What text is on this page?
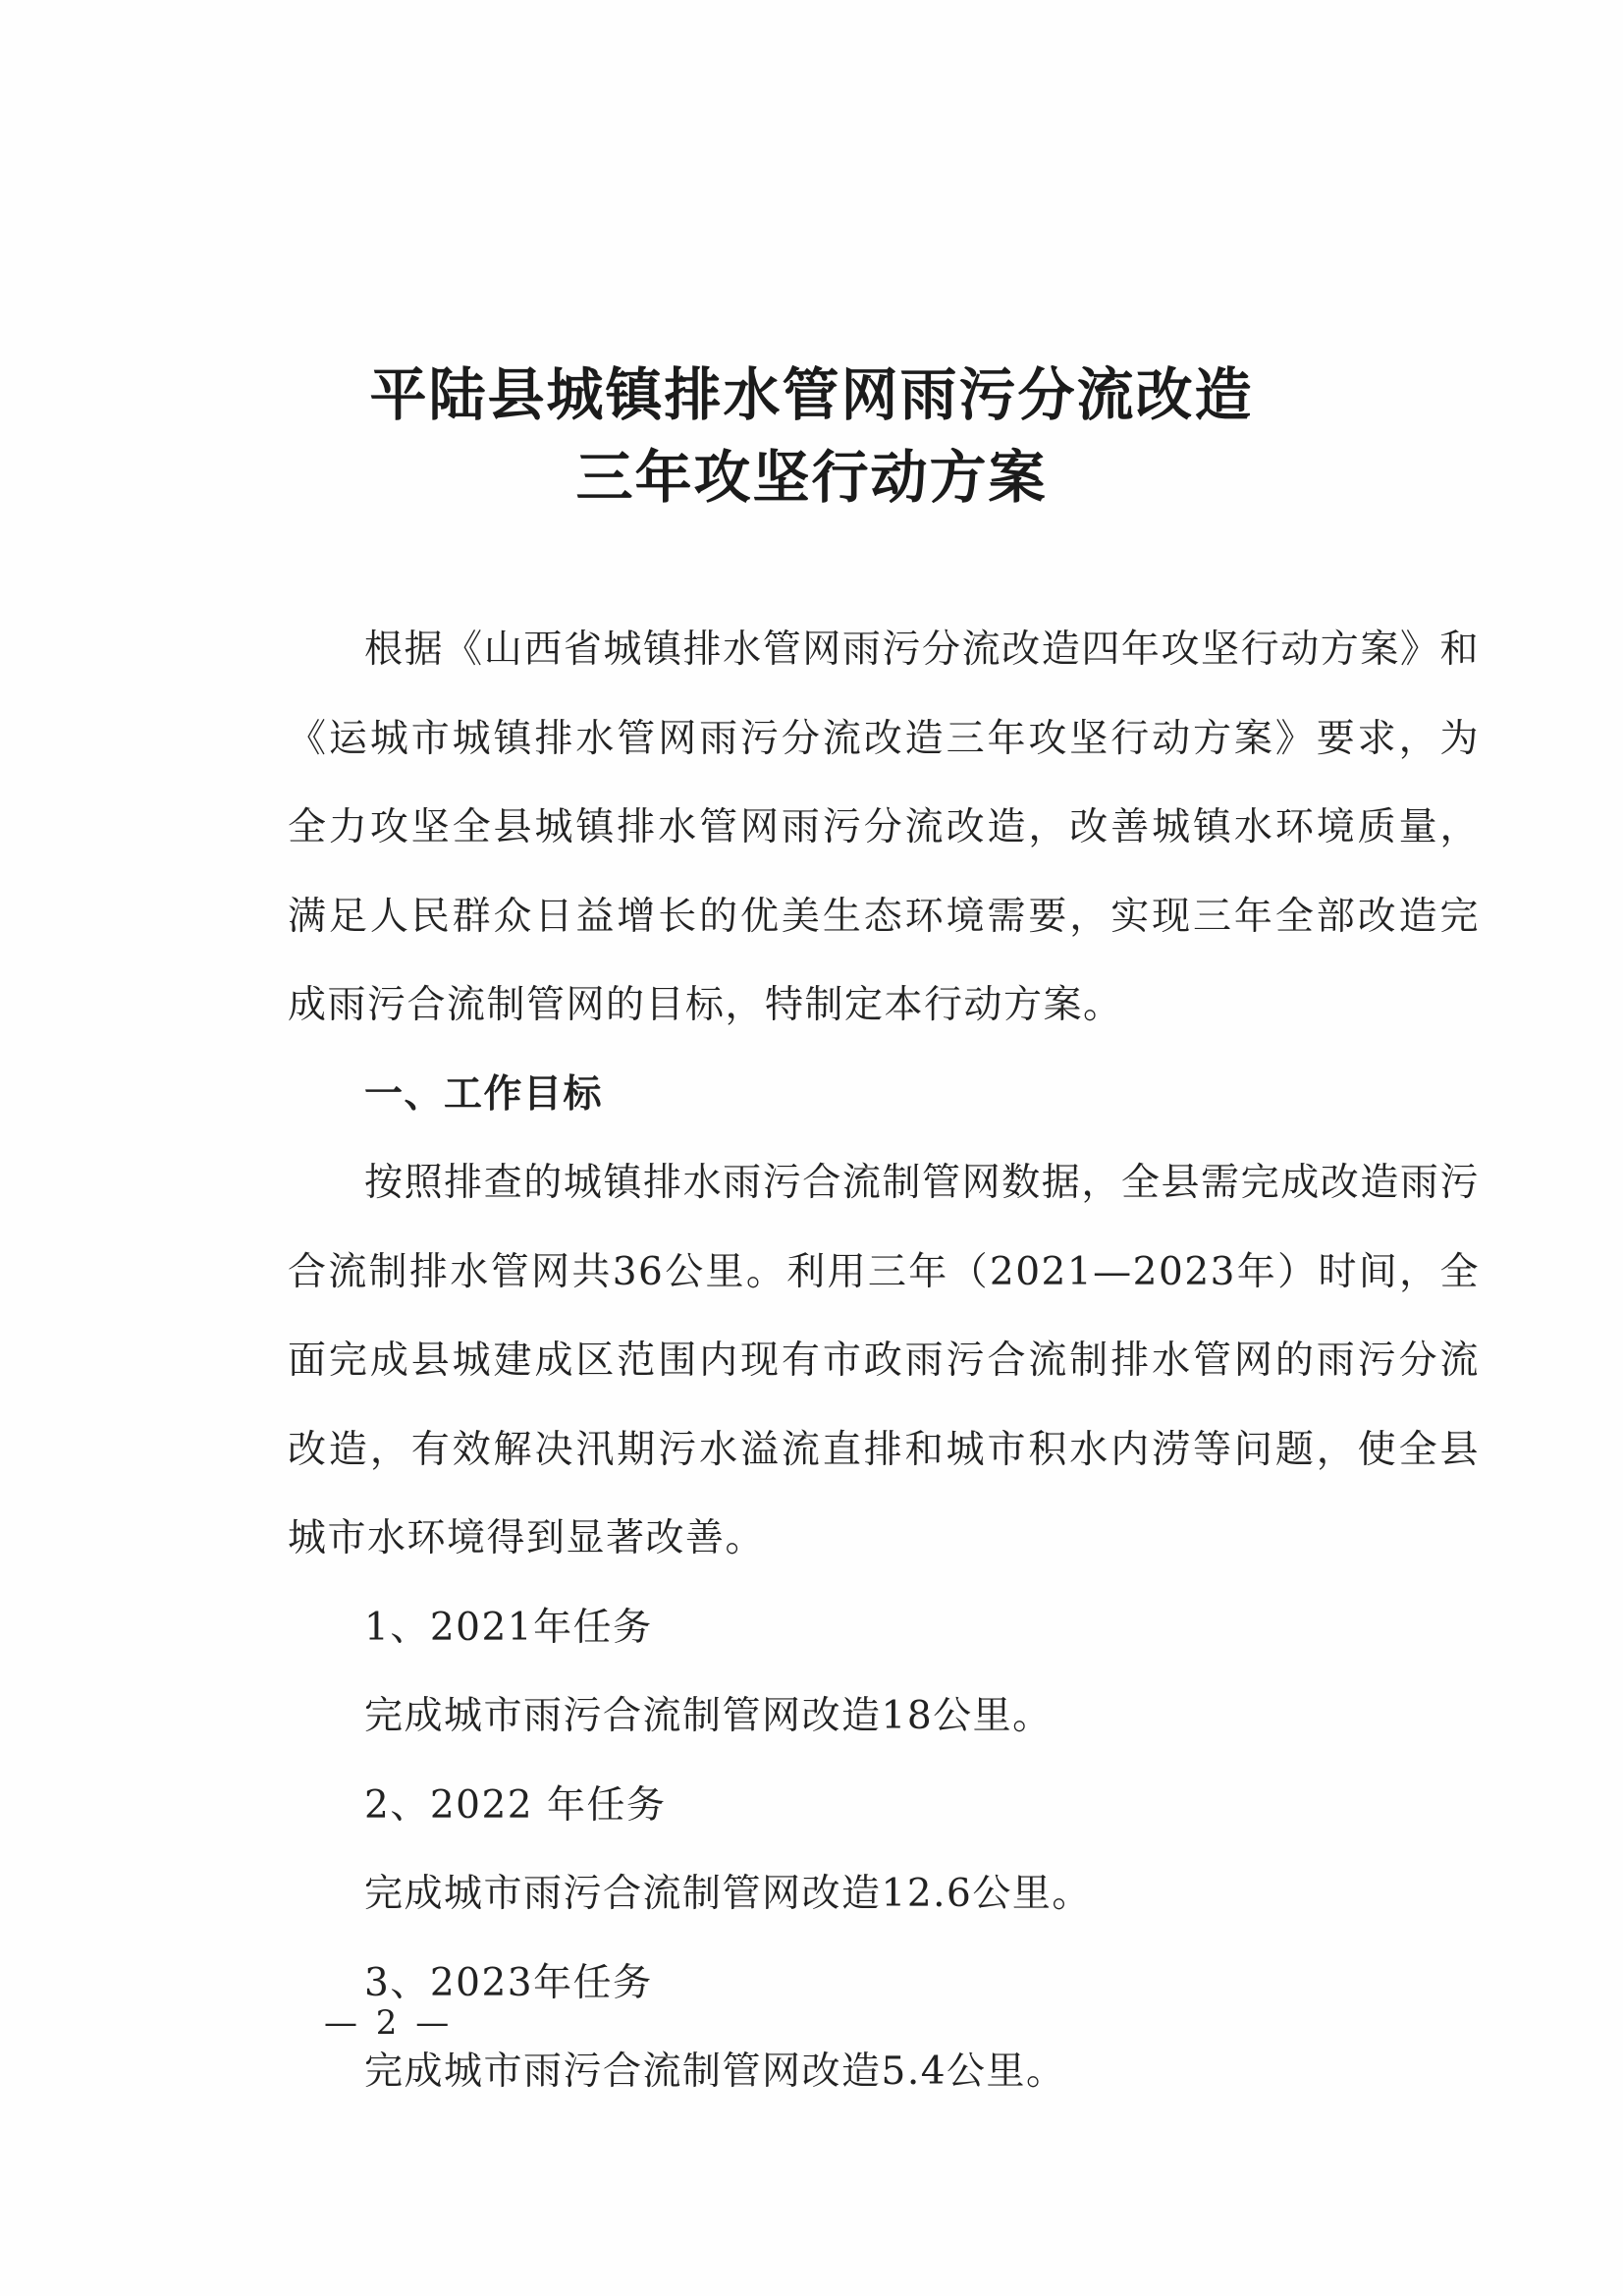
平陆县城镇排水管网雨污分流改造

三年攻坚行动方案

根据《山西省城镇排水管网雨污分流改造四年攻坚行动方案》和《运城市城镇排水管网雨污分流改造三年攻坚行动方案》要求，为全力攻坚全县城镇排水管网雨污分流改造，改善城镇水环境质量，满足人民群众日益增长的优美生态环境需要，实现三年全部改造完成雨污合流制管网的目标，特制定本行动方案。

一、工作目标

按照排查的城镇排水雨污合流制管网数据，全县需完成改造雨污合流制排水管网共36公里。利用三年（2021—2023年）时间，全面完成县城建成区范围内现有市政雨污合流制排水管网的雨污分流改造，有效解决汛期污水溢流直排和城市积水内涝等问题，使全县城市水环境得到显著改善。

1、2021年任务

完成城市雨污合流制管网改造18公里。

2、2022 年任务

完成城市雨污合流制管网改造12.6公里。

3、2023年任务

完成城市雨污合流制管网改造5.4公里。

— 2 —
